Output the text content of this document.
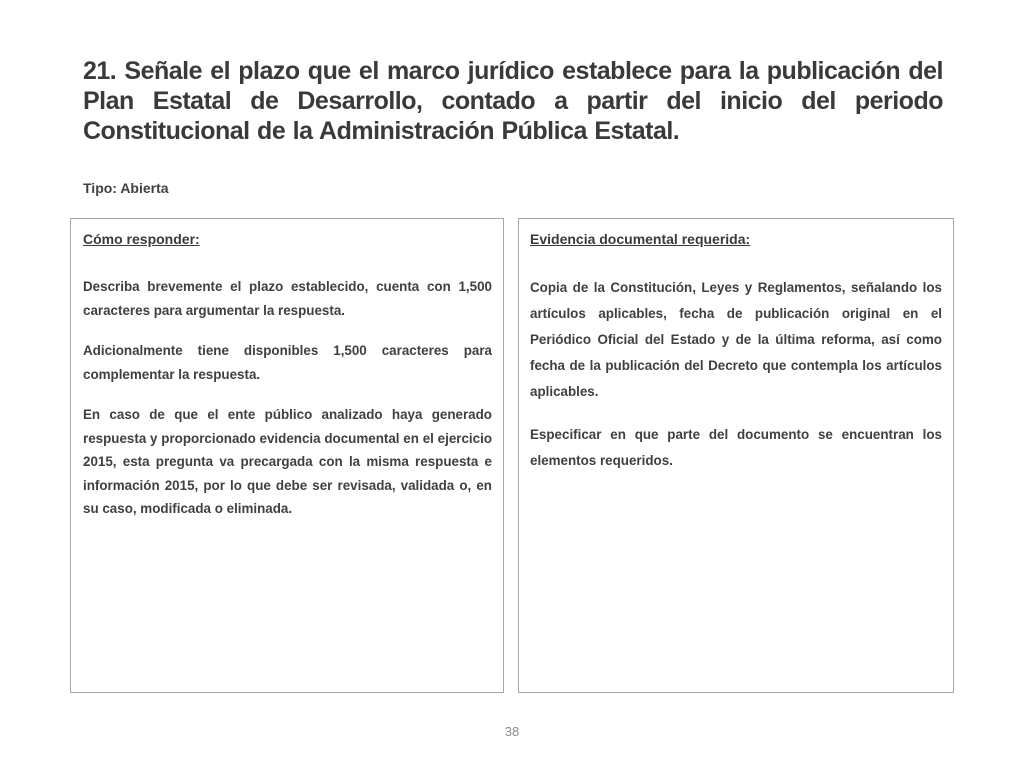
21. Señale el plazo que el marco jurídico establece para la publicación del Plan Estatal de Desarrollo, contado a partir del inicio del periodo Constitucional de la Administración Pública Estatal.

Tipo: Abierta

Cómo responder:

Describa brevemente el plazo establecido, cuenta con 1,500 caracteres para argumentar la respuesta.

Adicionalmente tiene disponibles 1,500 caracteres para complementar la respuesta.

En caso de que el ente público analizado haya generado respuesta y proporcionado evidencia documental en el ejercicio 2015, esta pregunta va precargada con la misma respuesta e información 2015, por lo que debe ser revisada, validada o, en su caso, modificada o eliminada.

Evidencia documental requerida:

Copia de la Constitución, Leyes y Reglamentos, señalando los artículos aplicables, fecha de publicación original en el Periódico Oficial del Estado y de la última reforma, así como fecha de la publicación del Decreto que contempla los artículos aplicables.

Especificar en que parte del documento se encuentran los elementos requeridos.

38
